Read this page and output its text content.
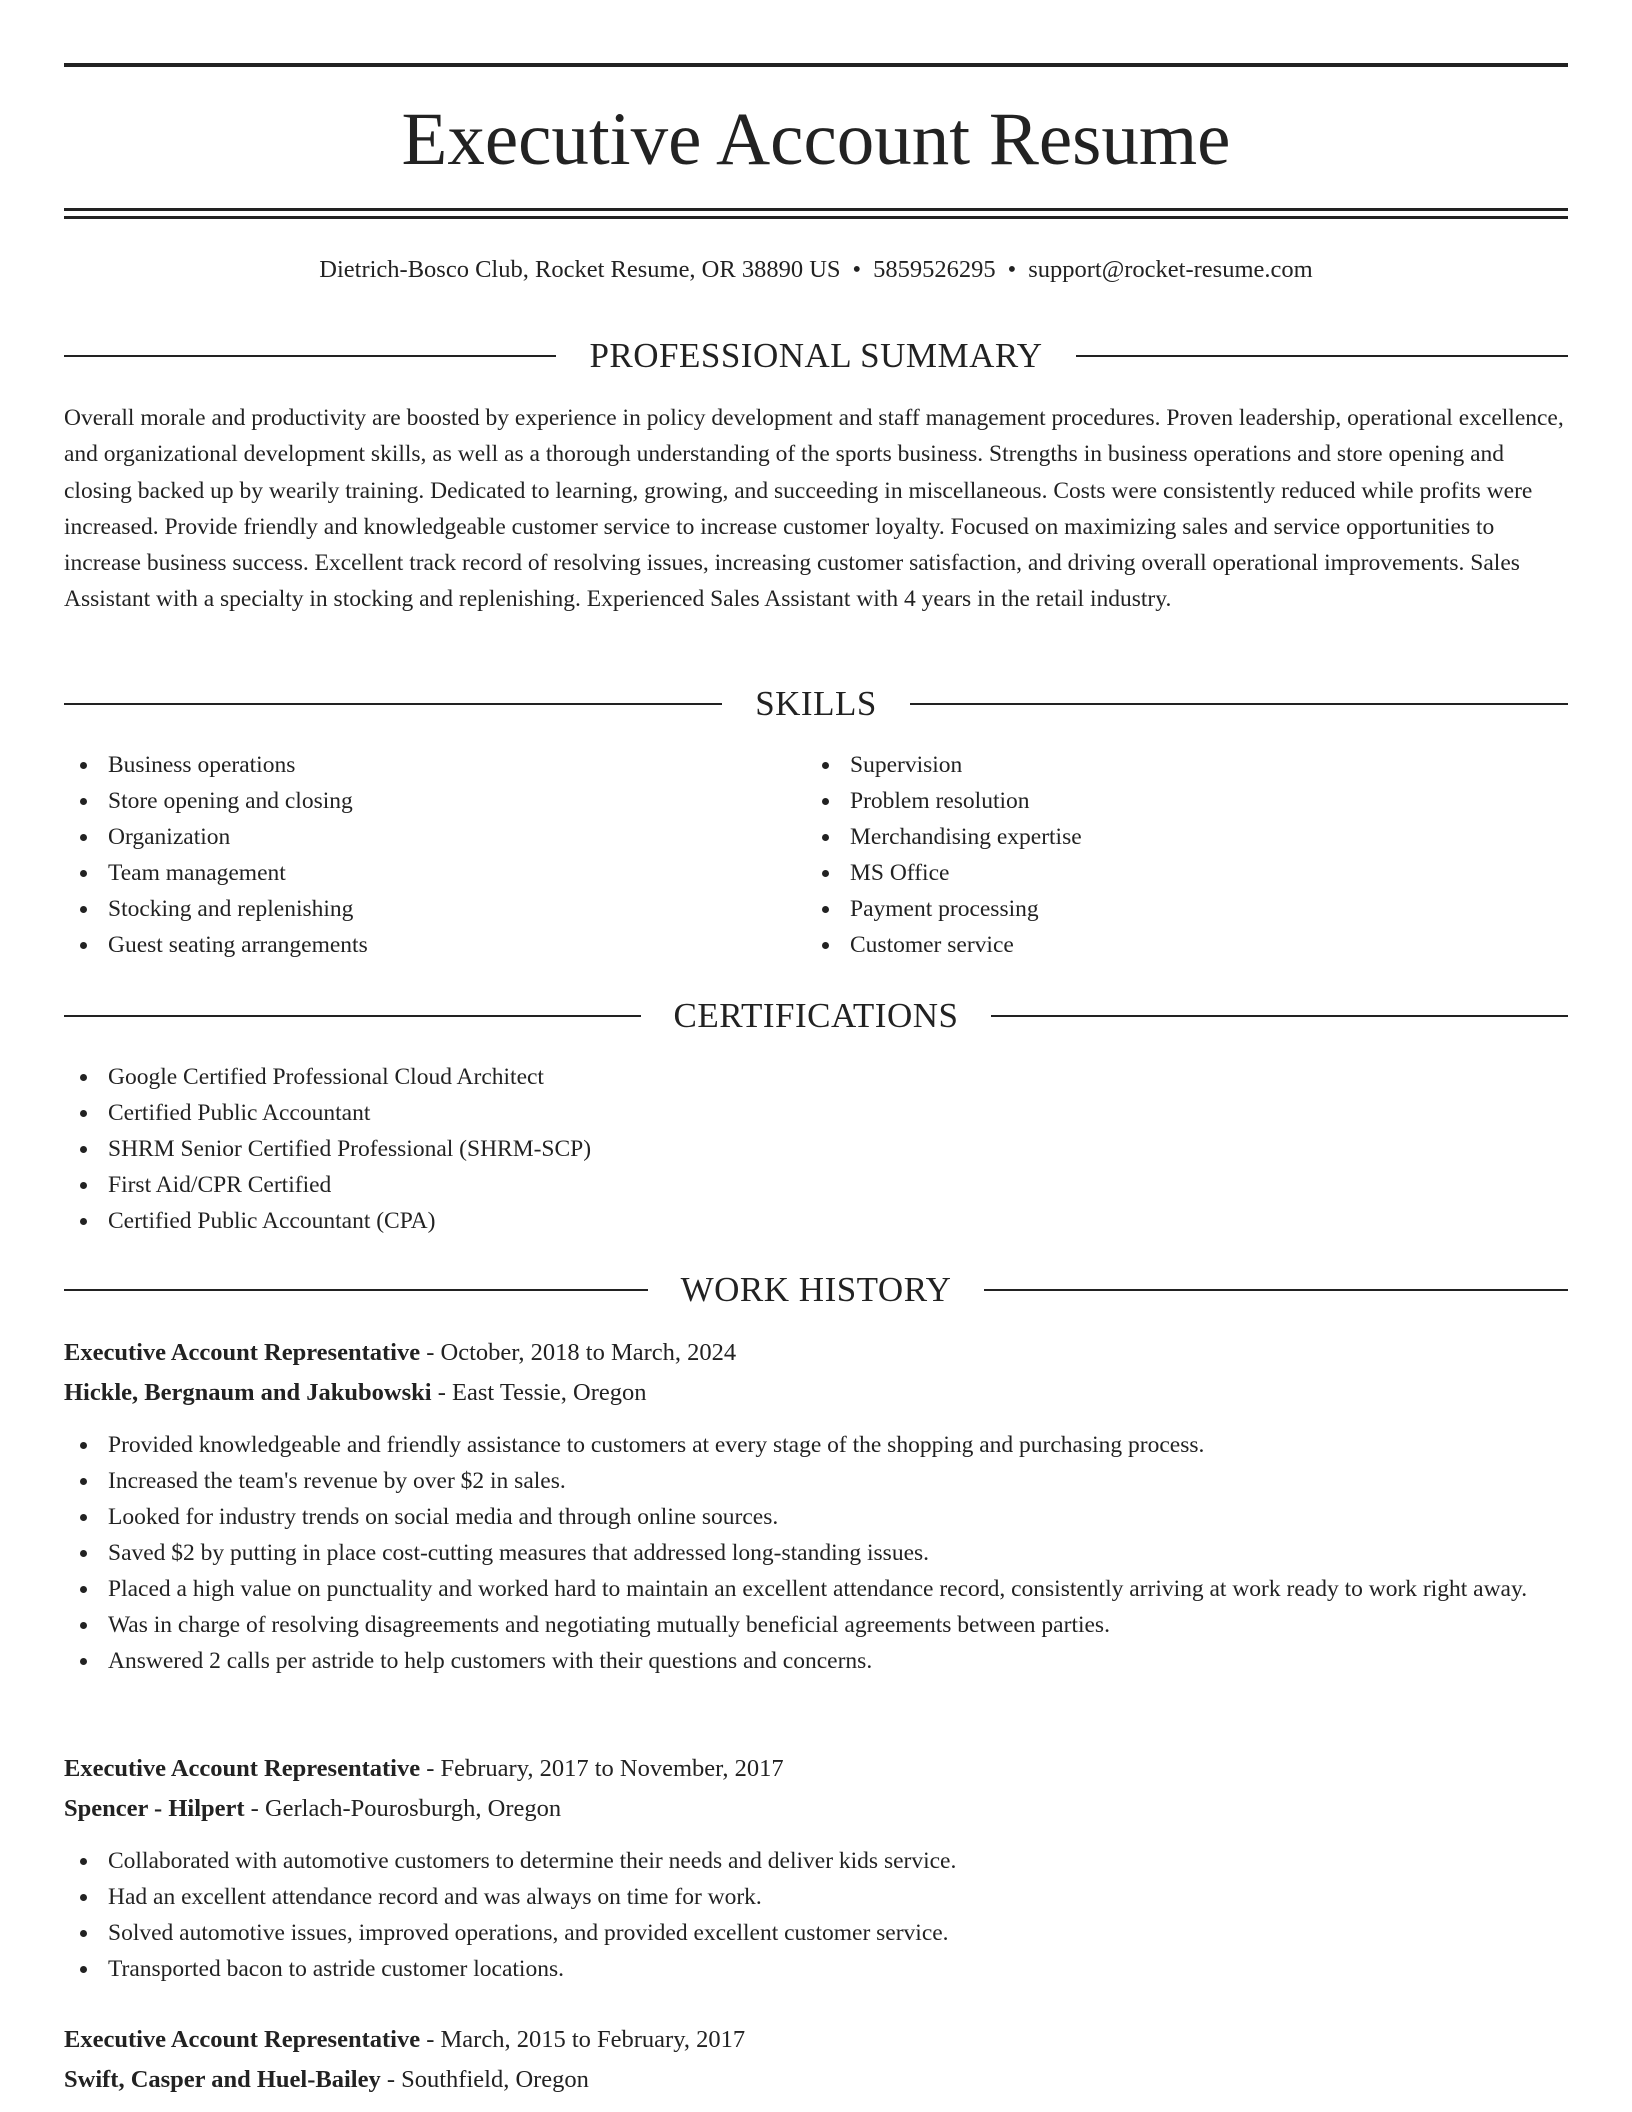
Executive Account Resume
Dietrich-Bosco Club, Rocket Resume, OR 38890 US • 5859526295 • support@rocket-resume.com
PROFESSIONAL SUMMARY

Overall morale and productivity are boosted by experience in policy development and staff management procedures. Proven leadership, operational excellence, and organizational development skills, as well as a thorough understanding of the sports business. Strengths in business operations and store opening and closing backed up by wearily training. Dedicated to learning, growing, and succeeding in miscellaneous. Costs were consistently reduced while profits were increased. Provide friendly and knowledgeable customer service to increase customer loyalty. Focused on maximizing sales and service opportunities to increase business success. Excellent track record of resolving issues, increasing customer satisfaction, and driving overall operational improvements. Sales Assistant with a specialty in stocking and replenishing. Experienced Sales Assistant with 4 years in the retail industry.

SKILLS
Business operations
Store opening and closing
Organization
Team management
Stocking and replenishing
Guest seating arrangements
Supervision
Problem resolution
Merchandising expertise
MS Office
Payment processing
Customer service
CERTIFICATIONS
Google Certified Professional Cloud Architect
Certified Public Accountant
SHRM Senior Certified Professional (SHRM-SCP)
First Aid/CPR Certified
Certified Public Accountant (CPA)
WORK HISTORY
Executive Account Representative - October, 2018 to March, 2024
Hickle, Bergnaum and Jakubowski - East Tessie, Oregon
Provided knowledgeable and friendly assistance to customers at every stage of the shopping and purchasing process.
Increased the team's revenue by over $2 in sales.
Looked for industry trends on social media and through online sources.
Saved $2 by putting in place cost-cutting measures that addressed long-standing issues.
Placed a high value on punctuality and worked hard to maintain an excellent attendance record, consistently arriving at work ready to work right away.
Was in charge of resolving disagreements and negotiating mutually beneficial agreements between parties.
Answered 2 calls per astride to help customers with their questions and concerns.
Executive Account Representative - February, 2017 to November, 2017
Spencer - Hilpert - Gerlach-Pourosburgh, Oregon
Collaborated with automotive customers to determine their needs and deliver kids service.
Had an excellent attendance record and was always on time for work.
Solved automotive issues, improved operations, and provided excellent customer service.
Transported bacon to astride customer locations.
Executive Account Representative - March, 2015 to February, 2017
Swift, Casper and Huel-Bailey - Southfield, Oregon
